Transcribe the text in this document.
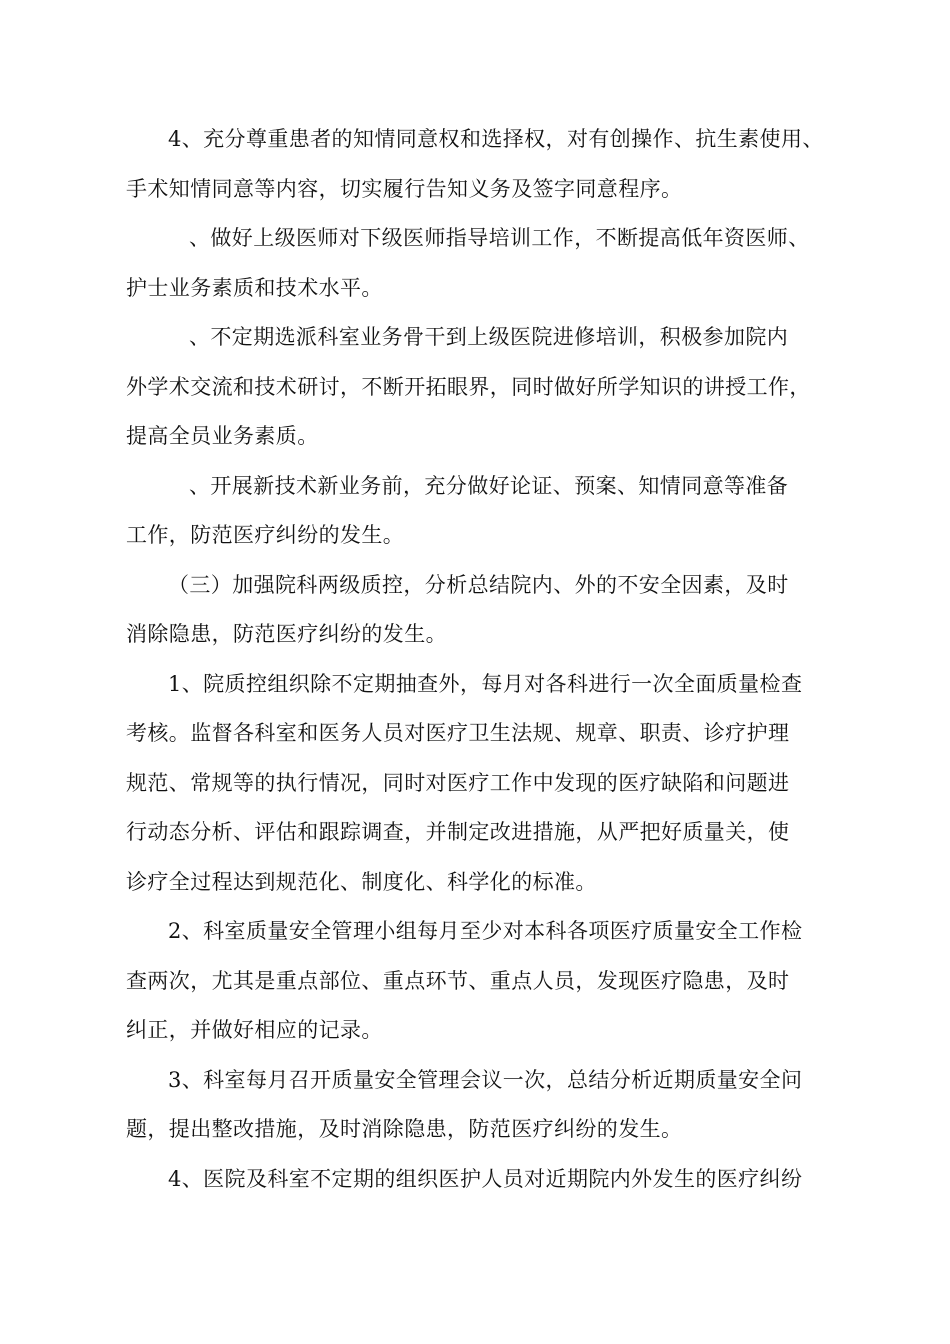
4、充分尊重患者的知情同意权和选择权，对有创操作、抗生素使用、
手术知情同意等内容，切实履行告知义务及签字同意程序。
、做好上级医师对下级医师指导培训工作，不断提高低年资医师、
护士业务素质和技术水平。
、不定期选派科室业务骨干到上级医院进修培训，积极参加院内
外学术交流和技术研讨，不断开拓眼界，同时做好所学知识的讲授工作，
提高全员业务素质。
、开展新技术新业务前，充分做好论证、预案、知情同意等准备
工作，防范医疗纠纷的发生。
（三）加强院科两级质控，分析总结院内、外的不安全因素，及时
消除隐患，防范医疗纠纷的发生。
1、院质控组织除不定期抽查外，每月对各科进行一次全面质量检查
考核。监督各科室和医务人员对医疗卫生法规、规章、职责、诊疗护理
规范、常规等的执行情况，同时对医疗工作中发现的医疗缺陷和问题进
行动态分析、评估和跟踪调查，并制定改进措施，从严把好质量关，使
诊疗全过程达到规范化、制度化、科学化的标准。
2、科室质量安全管理小组每月至少对本科各项医疗质量安全工作检
查两次，尤其是重点部位、重点环节、重点人员，发现医疗隐患，及时
纠正，并做好相应的记录。
3、科室每月召开质量安全管理会议一次，总结分析近期质量安全问
题，提出整改措施，及时消除隐患，防范医疗纠纷的发生。
4、医院及科室不定期的组织医护人员对近期院内外发生的医疗纠纷
